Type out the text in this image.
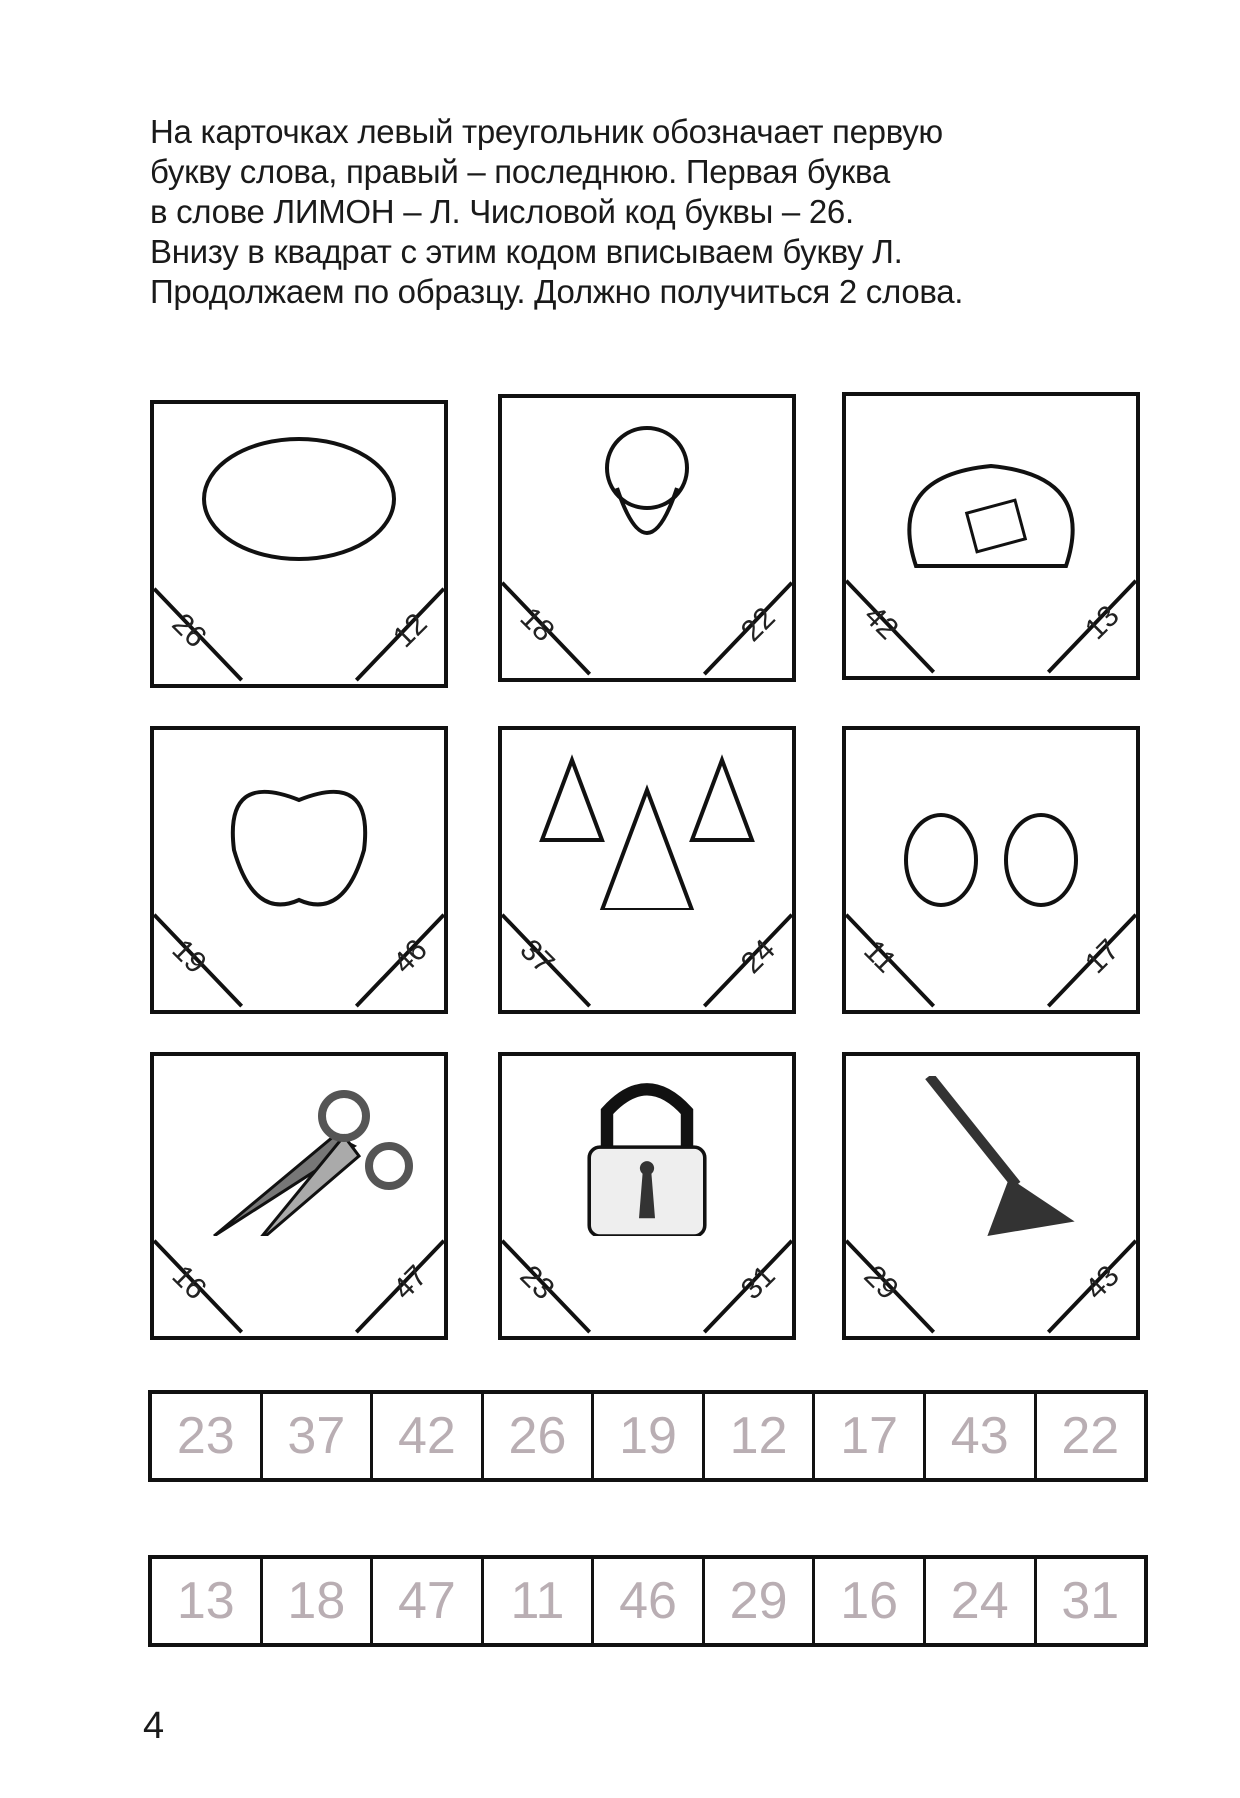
На карточках левый треугольник обозначает первую

букву слова, правый – последнюю. Первая буква

в слове ЛИМОН – Л. Числовой код буквы – 26.

Внизу в квадрат с этим кодом вписываем букву Л.

Продолжаем по образцу. Должно получиться 2 слова.

26	12	18	22	42	13
19	46	37	24	11	17
16	47	23	31	29	43
23	37	42	26	19	12	17	43	22
13	18	47	11	46	29	16	24	31
4
